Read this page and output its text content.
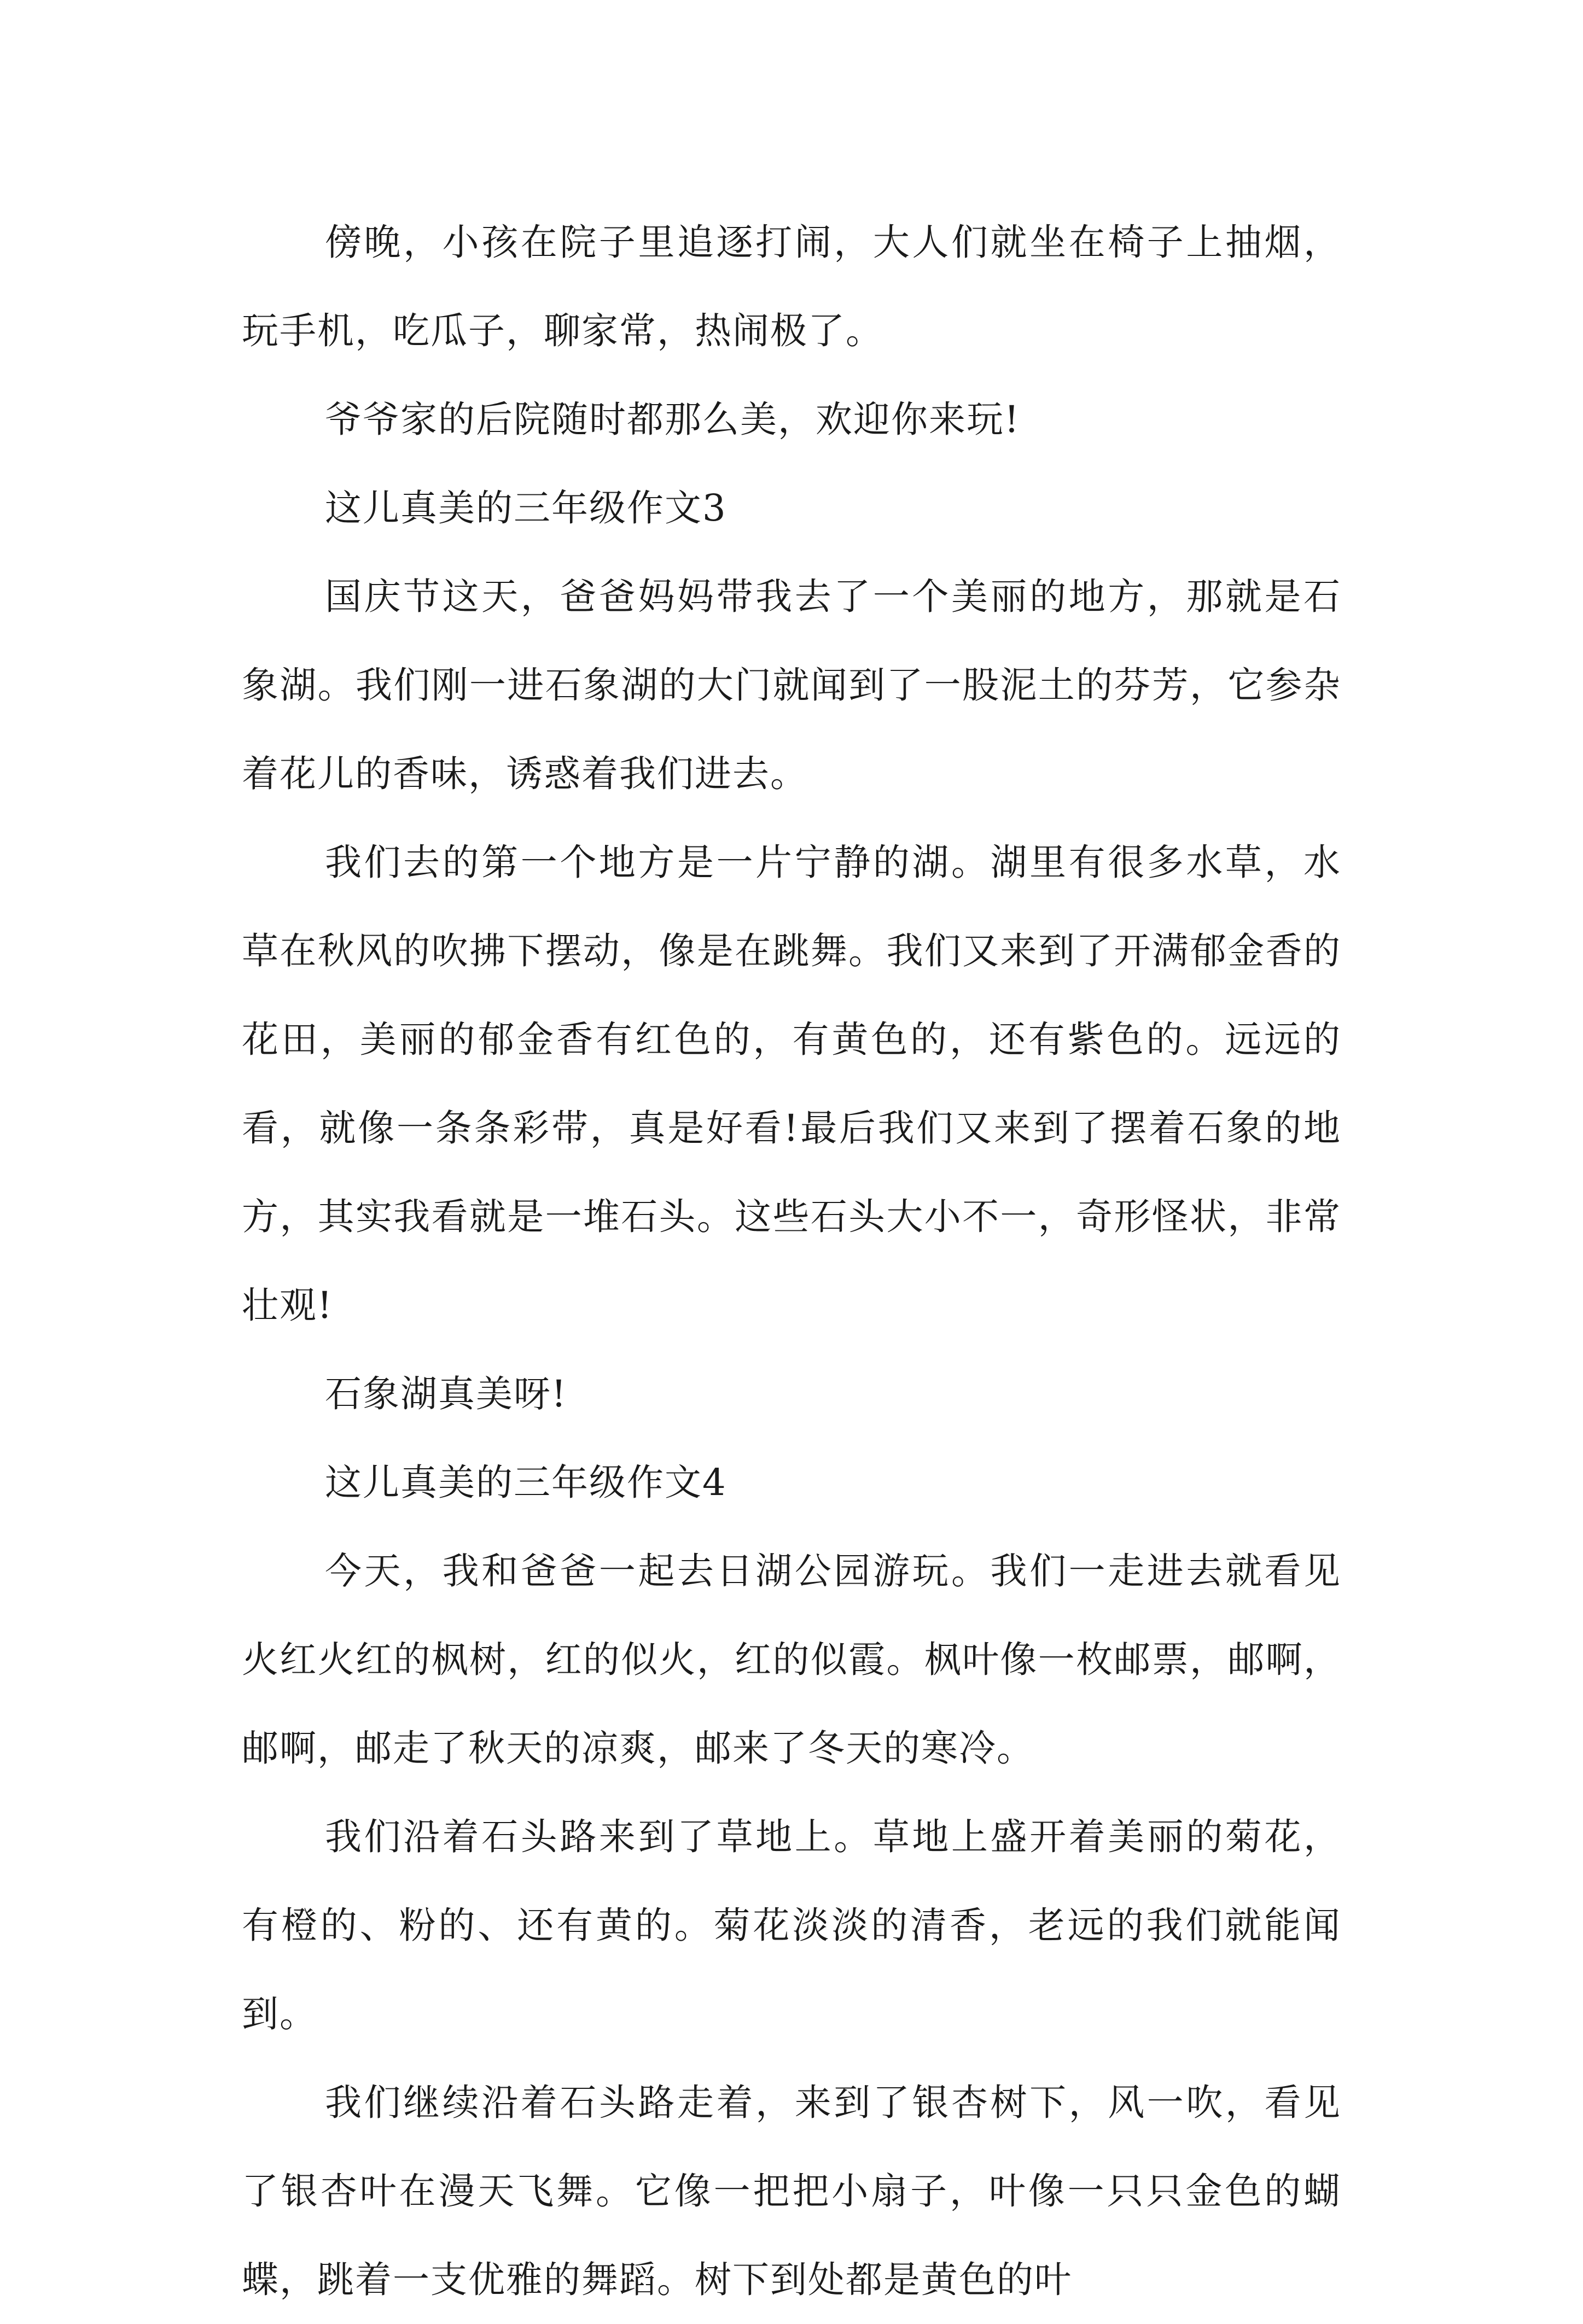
傍晚，小孩在院子里追逐打闹，大人们就坐在椅子上抽烟，玩手机，吃瓜子，聊家常，热闹极了。

爷爷家的后院随时都那么美，欢迎你来玩!

这儿真美的三年级作文3

国庆节这天，爸爸妈妈带我去了一个美丽的地方，那就是石象湖。我们刚一进石象湖的大门就闻到了一股泥土的芬芳，它参杂着花儿的香味，诱惑着我们进去。

我们去的第一个地方是一片宁静的湖。湖里有很多水草，水草在秋风的吹拂下摆动，像是在跳舞。我们又来到了开满郁金香的花田，美丽的郁金香有红色的，有黄色的，还有紫色的。远远的看，就像一条条彩带，真是好看!最后我们又来到了摆着石象的地方，其实我看就是一堆石头。这些石头大小不一，奇形怪状，非常壮观!

石象湖真美呀!

这儿真美的三年级作文4

今天，我和爸爸一起去日湖公园游玩。我们一走进去就看见火红火红的枫树，红的似火，红的似霞。枫叶像一枚邮票，邮啊，邮啊，邮走了秋天的凉爽，邮来了冬天的寒冷。

我们沿着石头路来到了草地上。草地上盛开着美丽的菊花，有橙的、粉的、还有黄的。菊花淡淡的清香，老远的我们就能闻到。

我们继续沿着石头路走着，来到了银杏树下，风一吹，看见了银杏叶在漫天飞舞。它像一把把小扇子，叶像一只只金色的蝴蝶，跳着一支优雅的舞蹈。树下到处都是黄色的叶
